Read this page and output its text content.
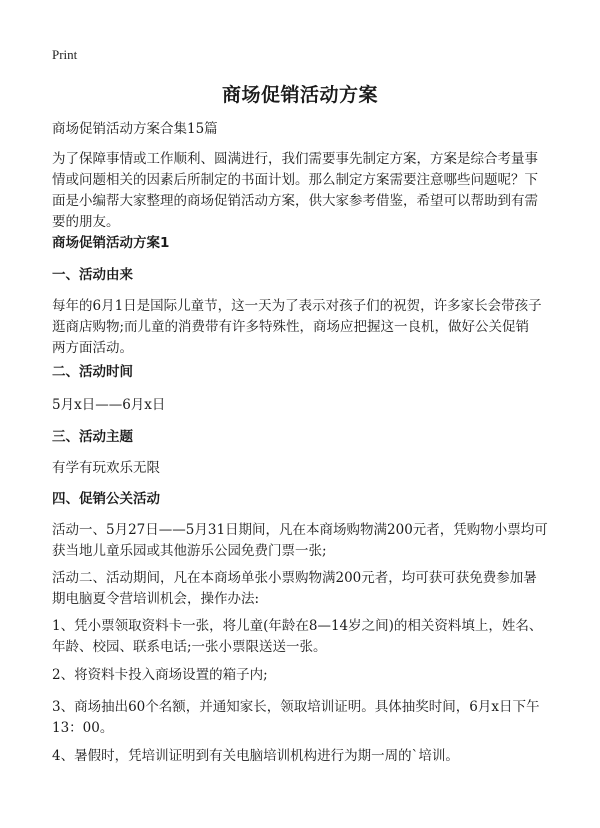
Print
商场促销活动方案
商场促销活动方案合集15篇
为了保障事情或工作顺利、圆满进行，我们需要事先制定方案，方案是综合考量事
情或问题相关的因素后所制定的书面计划。那么制定方案需要注意哪些问题呢？下
面是小编帮大家整理的商场促销活动方案，供大家参考借鉴，希望可以帮助到有需
要的朋友。
商场促销活动方案1
一、活动由来
每年的6月1日是国际儿童节，这一天为了表示对孩子们的祝贺，许多家长会带孩子
逛商店购物;而儿童的消费带有许多特殊性，商场应把握这一良机，做好公关促销
两方面活动。
二、活动时间
5月x日——6月x日
三、活动主题
有学有玩欢乐无限
四、促销公关活动
活动一、5月27日——5月31日期间，凡在本商场购物满200元者，凭购物小票均可
获当地儿童乐园或其他游乐公园免费门票一张;
活动二、活动期间，凡在本商场单张小票购物满200元者，均可获可获免费参加暑
期电脑夏令营培训机会，操作办法:
1、凭小票领取资料卡一张，将儿童(年龄在8—14岁之间)的相关资料填上，姓名、
年龄、校园、联系电话;一张小票限送送一张。
2、将资料卡投入商场设置的箱子内;
3、商场抽出60个名额，并通知家长，领取培训证明。具体抽奖时间，6月x日下午
13：00。
4、暑假时，凭培训证明到有关电脑培训机构进行为期一周的`培训。
